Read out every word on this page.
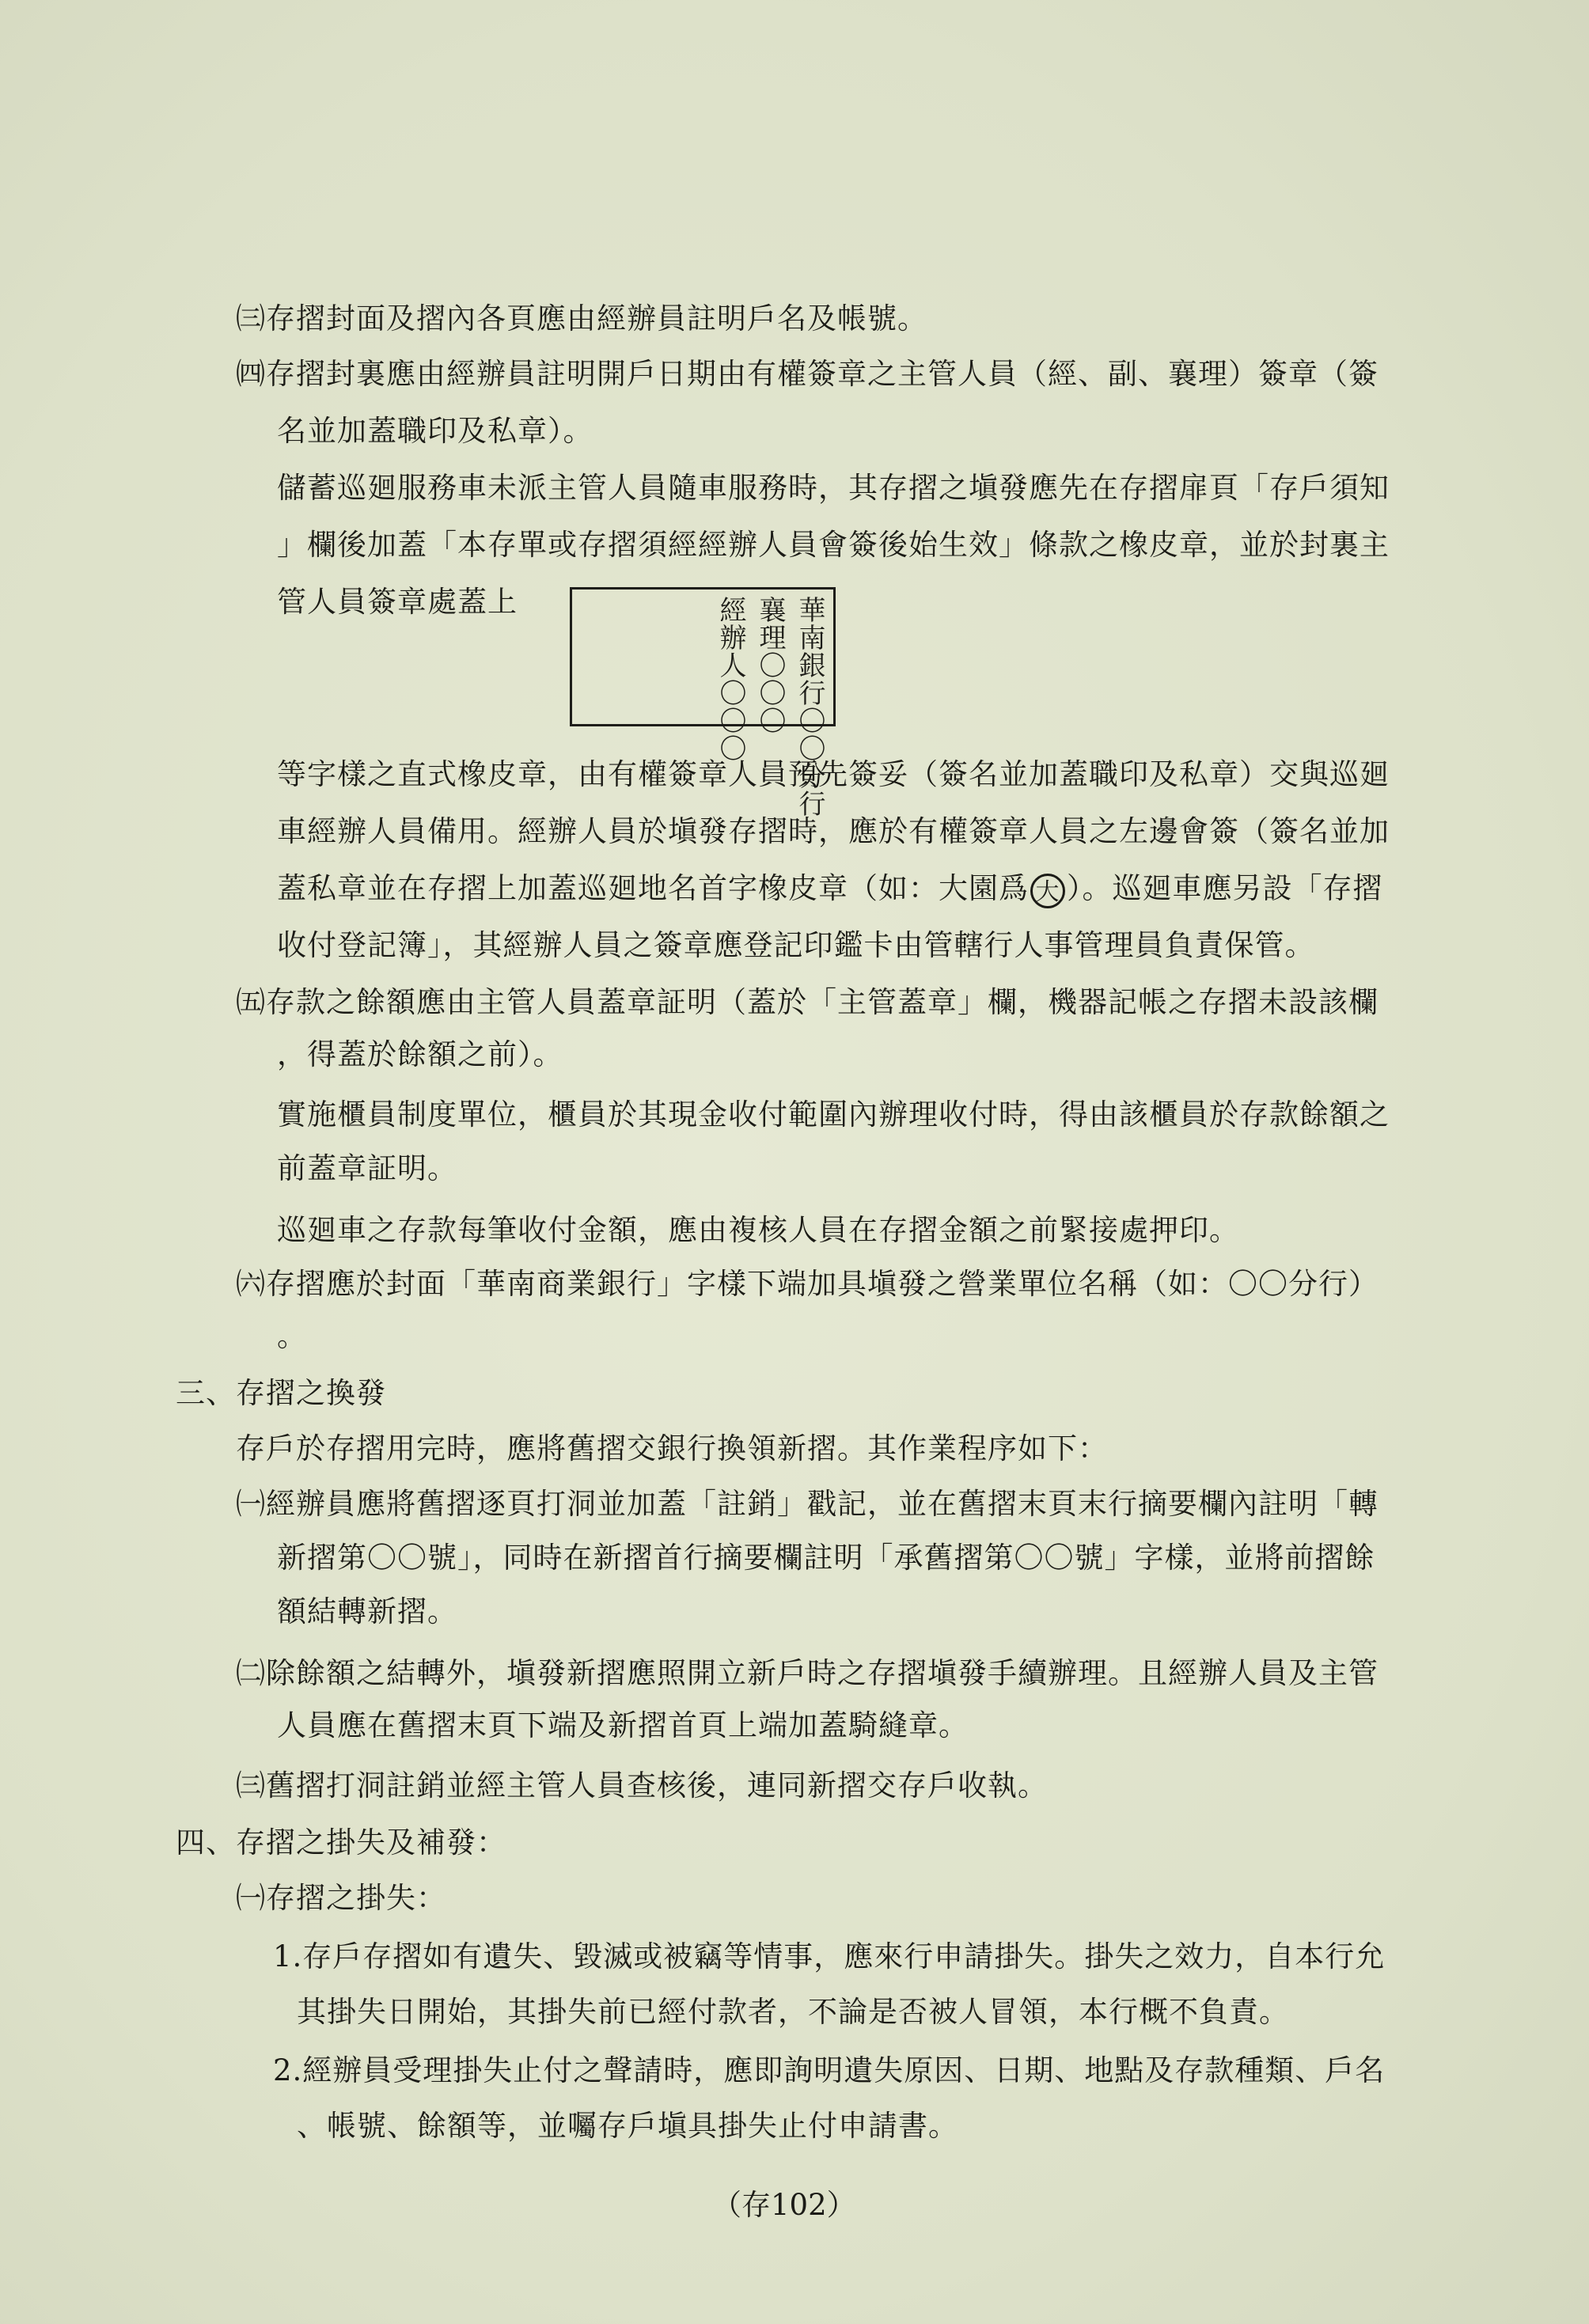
㈢存摺封面及摺內各頁應由經辦員註明戶名及帳號。
㈣存摺封裏應由經辦員註明開戶日期由有權簽章之主管人員（經、副、襄理）簽章（簽
名並加蓋職印及私章）。
儲蓄巡廻服務車未派主管人員隨車服務時，其存摺之塡發應先在存摺扉頁「存戶須知
」欄後加蓋「本存單或存摺須經經辦人員會簽後始生效」條款之橡皮章，並於封裏主
管人員簽章處蓋上	華南銀行〇〇分行
襄理〇〇〇
經辦人〇〇〇
等字樣之直式橡皮章，由有權簽章人員預先簽妥（簽名並加蓋職印及私章）交與巡廻
車經辦人員備用。經辦人員於塡發存摺時，應於有權簽章人員之左邊會簽（簽名並加
蓋私章並在存摺上加蓋巡廻地名首字橡皮章（如：大園爲 大 ）。巡廻車應另設「存摺
收付登記簿」，其經辦人員之簽章應登記印鑑卡由管轄行人事管理員負責保管。
㈤存款之餘額應由主管人員蓋章証明（蓋於「主管蓋章」欄，機器記帳之存摺未設該欄
，得蓋於餘額之前）。
實施櫃員制度單位，櫃員於其現金收付範圍內辦理收付時，得由該櫃員於存款餘額之
前蓋章証明。
巡廻車之存款每筆收付金額，應由複核人員在存摺金額之前緊接處押印。
㈥存摺應於封面「華南商業銀行」字樣下端加具塡發之營業單位名稱（如：〇〇分行）
。
三、存摺之換發
存戶於存摺用完時，應將舊摺交銀行換領新摺。其作業程序如下：
㈠經辦員應將舊摺逐頁打洞並加蓋「註銷」戳記，並在舊摺末頁末行摘要欄內註明「轉
新摺第〇〇號」，同時在新摺首行摘要欄註明「承舊摺第〇〇號」字樣，並將前摺餘
額結轉新摺。
㈡除餘額之結轉外，塡發新摺應照開立新戶時之存摺塡發手續辦理。且經辦人員及主管
人員應在舊摺末頁下端及新摺首頁上端加蓋騎縫章。
㈢舊摺打洞註銷並經主管人員查核後，連同新摺交存戶收執。
四、存摺之掛失及補發：
㈠存摺之掛失：
1.存戶存摺如有遺失、毀滅或被竊等情事，應來行申請掛失。掛失之效力，自本行允
其掛失日開始，其掛失前已經付款者，不論是否被人冒領，本行概不負責。
2.經辦員受理掛失止付之聲請時，應即詢明遺失原因、日期、地點及存款種類、戶名
、帳號、餘額等，並囑存戶塡具掛失止付申請書。
（存102）
